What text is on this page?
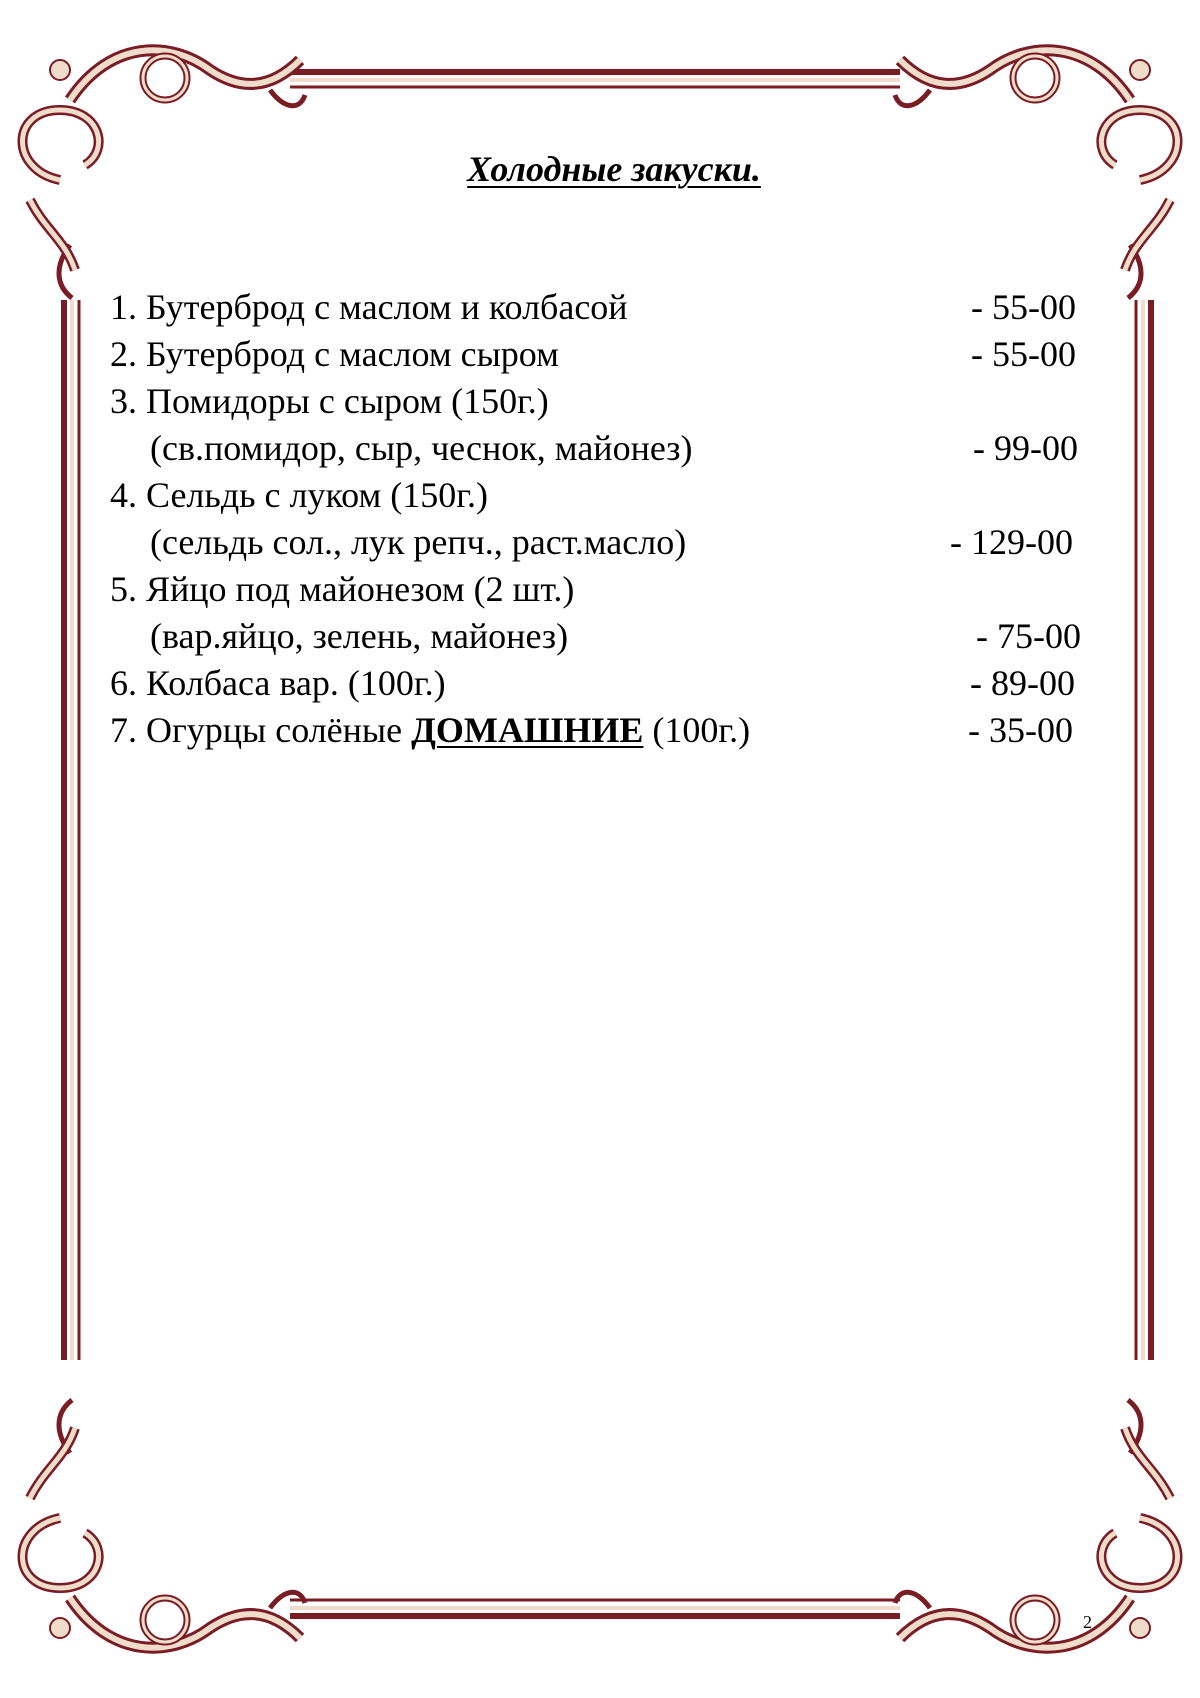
Холодные закуски.
1. Бутерброд с маслом и колбасой	- 55-00
2. Бутерброд с маслом сыром	- 55-00
3. Помидоры с сыром (150г.)
(св.помидор, сыр, чеснок, майонез)	- 99-00
4. Сельдь с луком (150г.)
(сельдь сол., лук репч., раст.масло)	- 129-00
5. Яйцо под майонезом (2 шт.)
(вар.яйцо, зелень, майонез)	- 75-00
6. Колбаса вар. (100г.)	- 89-00
7. Огурцы солёные ДОМАШНИЕ (100г.)	- 35-00
2
